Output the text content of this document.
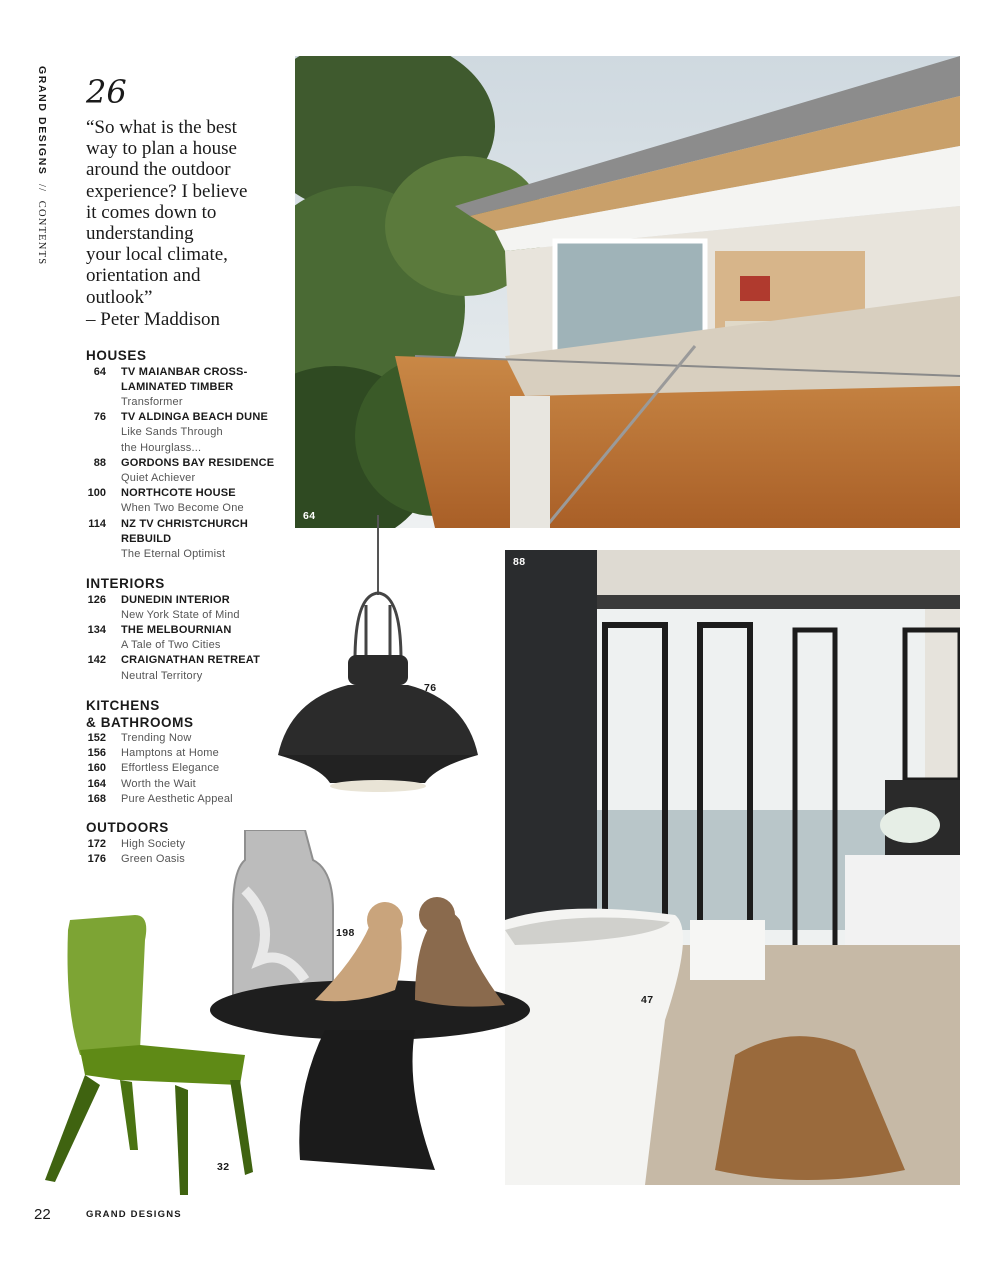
GRAND DESIGNS // CONTENTS
26
“So what is the best
way to plan a house
around the outdoor
experience? I believe
it comes down to
understanding
your local climate,
orientation and
outlook”
– Peter Maddison
HOUSES
64 TV MAIANBAR CROSS-
LAMINATED TIMBER
Transformer
76 TV ALDINGA BEACH DUNE
Like Sands Through
the Hourglass...
88 GORDONS BAY RESIDENCE
Quiet Achiever
100 NORTHCOTE HOUSE
When Two Become One
114 NZ TV CHRISTCHURCH
REBUILD
The Eternal Optimist
INTERIORS
126 DUNEDIN INTERIOR
New York State of Mind
134 THE MELBOURNIAN
A Tale of Two Cities
142 CRAIGNATHAN RETREAT
Neutral Territory
KITCHENS
& BATHROOMS
152 Trending Now
156 Hamptons at Home
160 Effortless Elegance
164 Worth the Wait
168 Pure Aesthetic Appeal
OUTDOORS
172 High Society
176 Green Oasis
64
88
47
76
198
32
22	GRAND DESIGNS
